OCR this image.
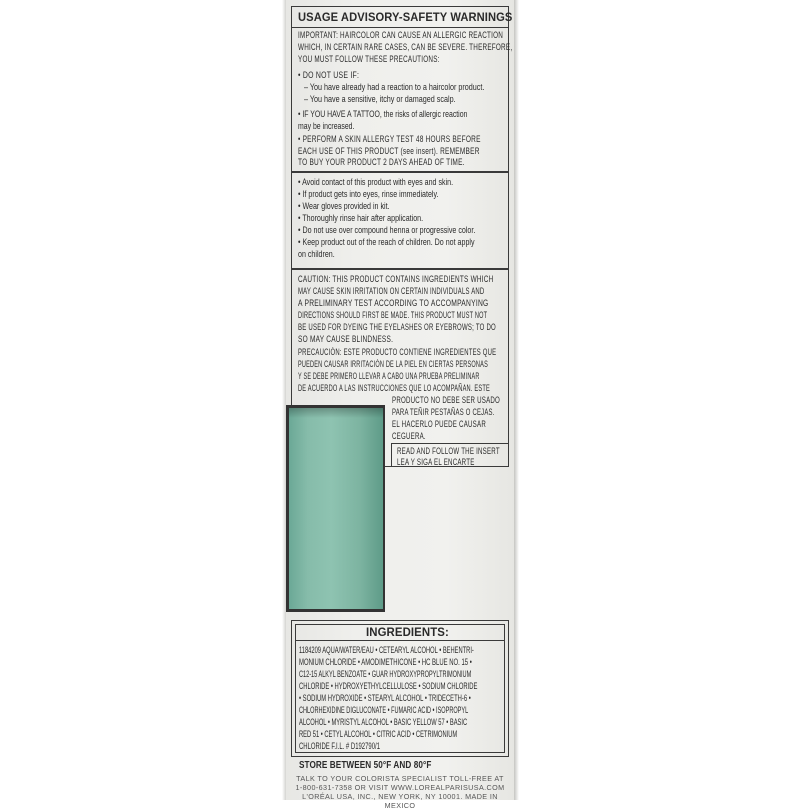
USAGE ADVISORY-SAFETY WARNINGS
IMPORTANT: HAIRCOLOR CAN CAUSE AN ALLERGIC REACTION
WHICH, IN CERTAIN RARE CASES, CAN BE SEVERE. THEREFORE,
YOU MUST FOLLOW THESE PRECAUTIONS:
• DO NOT USE IF:
– You have already had a reaction to a haircolor product.
– You have a sensitive, itchy or damaged scalp.
• IF YOU HAVE A TATTOO, the risks of allergic reaction
may be increased.
• PERFORM A SKIN ALLERGY TEST 48 HOURS BEFORE
EACH USE OF THIS PRODUCT (see insert). REMEMBER
TO BUY YOUR PRODUCT 2 DAYS AHEAD OF TIME.
• Avoid contact of this product with eyes and skin.
• If product gets into eyes, rinse immediately.
• Wear gloves provided in kit.
• Thoroughly rinse hair after application.
• Do not use over compound henna or progressive color.
• Keep product out of the reach of children. Do not apply
on children.
CAUTION: THIS PRODUCT CONTAINS INGREDIENTS WHICH
MAY CAUSE SKIN IRRITATION ON CERTAIN INDIVIDUALS AND
A PRELIMINARY TEST ACCORDING TO ACCOMPANYING
DIRECTIONS SHOULD FIRST BE MADE. THIS PRODUCT MUST NOT
BE USED FOR DYEING THE EYELASHES OR EYEBROWS; TO DO
SO MAY CAUSE BLINDNESS.
PRECAUCIÓN: ESTE PRODUCTO CONTIENE INGREDIENTES QUE
PUEDEN CAUSAR IRRITACIÓN DE LA PIEL EN CIERTAS PERSONAS
Y SE DEBE PRIMERO LLEVAR A CABO UNA PRUEBA PRELIMINAR
DE ACUERDO A LAS INSTRUCCIONES QUE LO ACOMPAÑAN. ESTE
PRODUCTO NO DEBE SER USADO
PARA TEÑIR PESTAÑAS O CEJAS.
EL HACERLO PUEDE CAUSAR
CEGUERA.
READ AND FOLLOW THE INSERT
LEA Y SIGA EL ENCARTE
INGREDIENTS:
1184209 AQUA/WATER/EAU • CETEARYL ALCOHOL • BEHENTRI-
MONIUM CHLORIDE • AMODIMETHICONE • HC BLUE NO. 15 •
C12-15 ALKYL BENZOATE • GUAR HYDROXYPROPYLTRIMONIUM
CHLORIDE • HYDROXYETHYLCELLULOSE • SODIUM CHLORIDE
• SODIUM HYDROXIDE • STEARYL ALCOHOL • TRIDECETH-6 •
CHLORHEXIDINE DIGLUCONATE • FUMARIC ACID • ISOPROPYL
ALCOHOL • MYRISTYL ALCOHOL • BASIC YELLOW 57 • BASIC
RED 51 • CETYL ALCOHOL • CITRIC ACID • CETRIMONIUM
CHLORIDE F.I.L. # D192790/1
STORE BETWEEN 50°F AND 80°F
TALK TO YOUR COLORISTA SPECIALIST TOLL-FREE AT
1-800-631-7358 OR VISIT WWW.LOREALPARISUSA.COM
L'ORÉAL USA, INC., NEW YORK, NY 10001. MADE IN MEXICO
